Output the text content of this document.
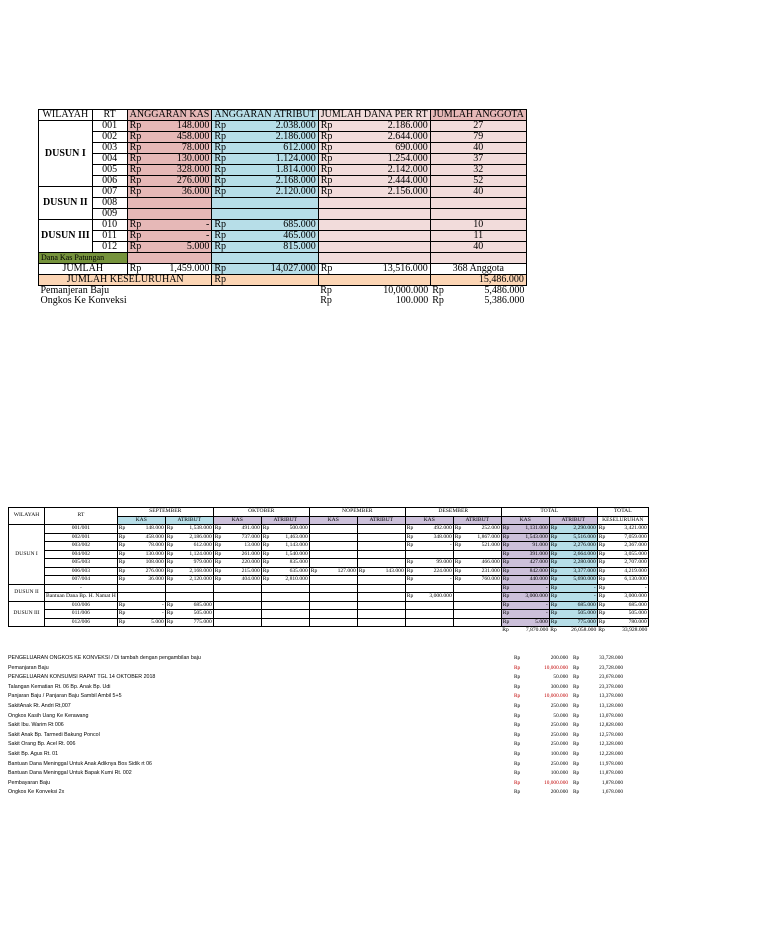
WILAYAH	RT	ANGGARAN KAS	ANGGARAN ATRIBUT	JUMLAH DANA PER RT	JUMLAH ANGGOTA
DUSUN I	001	Rp 148.000	Rp 2.038.000	Rp 2.186.000	27
	002	Rp 458.000	Rp 2.186.000	Rp 2.644.000	79
	003	Rp 78.000	Rp 612.000	Rp 690.000	40
	004	Rp 130.000	Rp 1.124.000	Rp 1.254.000	37
	005	Rp 328.000	Rp 1.814.000	Rp 2.142.000	32
	006	Rp 276.000	Rp 2.168.000	Rp 2.444.000	52
DUSUN II	007	Rp 36.000	Rp 2.120.000	Rp 2.156.000	40
	008				
	009				
DUSUN III	010	Rp -	Rp 685.000		10
	011	Rp -	Rp 465.000		11
	012	Rp 5.000	Rp 815.000		40
Dana Kas Patungan					
JUMLAH		Rp 1,459.000	Rp 14,027.000	Rp 13,516.000	368 Anggota
JUMLAH KESELURUHAN			Rp		15,486.000
Pemanjeran Baju				Rp 10,000.000	Rp 5,486.000

Ongkos Ke Konveksi				Rp 100.000	Rp 5,386.000
WILAYAH	RT	SEPTEMBER		OKTOBER		NOPEMBER		DESEMBER		TOTAL		TOTAL
		KAS	ATRIBUT	KAS	ATRIBUT	KAS	ATRIBUT	KAS	ATRIBUT	KAS	ATRIBUT	KESELURUHAN
DUSUN I	001/001	Rp 148.000	Rp 1,538.000	Rp 491.000	Rp 500.000			Rp 492.000	Rp 252.000	Rp 1,131.000	Rp 2,290.000	Rp 3,421.000

	002/001	Rp 458.000	Rp 2,186.000	Rp 737.000	Rp 1,463.000			Rp 348.000	Rp 1,867.000	Rp 1,543.000	Rp 5,516.000	Rp 7,059.000

	003/002	Rp 78.000	Rp 612.000	Rp 13.000	Rp 1,143.000			Rp -	Rp 521.000	Rp 91.000	Rp 2,276.000	Rp 2,367.000

	004/002	Rp 130.000	Rp 1,124.000	Rp 261.000	Rp 1,540.000					Rp 391.000	Rp 2,664.000	Rp 3,055.000

	005/003	Rp 108.000	Rp 979.000	Rp 220.000	Rp 835.000			Rp 99.000	Rp 466.000	Rp 427.000	Rp 2,280.000	Rp 2,707.000

	006/003	Rp 276.000	Rp 2,168.000	Rp 215.000	Rp 635.000	Rp 127.000	Rp 143.000	Rp 224.000	Rp 231.000	Rp 842.000	Rp 3,377.000	Rp 4,219.000

	007/004	Rp 36.000	Rp 2,120.000	Rp 404.000	Rp 2,810.000			Rp -	Rp 760.000	Rp 440.000	Rp 5,690.000	Rp 6,130.000

DUSUN II	-									Rp -	Rp -	Rp -

	Bantuan Dana Bp. H. Namat H							Rp 3,000.000		Rp 3,000.000	Rp -	Rp 3,000.000

DUSUN III	010/006	Rp -	Rp 685.000							Rp -	Rp 685.000	Rp 685.000

	011/006	Rp -	Rp 505.000							Rp -	Rp 505.000	Rp 505.000

	012/006	Rp 5.000	Rp 775.000							Rp 5.000	Rp 775.000	Rp 780.000

										Rp 7,870.000	Rp 26,058.000	Rp 33,928.000
PENGELUARAN ONGKOS KE KONVEKSI / Di tambah dengan pengambilan baju	Rp	200.000 Rp	33,728.000
Pemanjaran Baju	Rp	10,000.000 Rp	23,728.000
PENGELUARAN KONSUMSI RAPAT TGL 14 OKTOBER 2018	Rp	50.000 Rp	23,678.000
Talangan Kematian Rt. 06 Bp. Anak Bp. Udi	Rp	300.000 Rp	23,378.000
Panjaran Baju / Panjaran Baju Sambil Ambil 5+5	Rp	10,000.000 Rp	13,378.000
SakitAnak Rt. Andri Rt,007	Rp	250.000 Rp	13,128.000
Ongkos Kasih Uang Ke Kerawang	Rp	50.000 Rp	13,078.000
Sakit Ibu. Warim Rt 006	Rp	250.000 Rp	12,828.000
Sakit Anak Bp. Tarmedi Bakung Poncol	Rp	250.000 Rp	12,578.000
Sakit Orang Bp. Acel Rt. 006	Rp	250.000 Rp	12,328.000
Sakit Bp. Agus Rt. 01	Rp	100.000 Rp	12,228.000
Bantuan Dana Meninggal Untuk Anak Adiknya Bos Sidik rt 06	Rp	250.000 Rp	11,978.000
Bantuan Dana Meninggal Untuk Bapak Kumi Rt. 002	Rp	100.000 Rp	11,878.000
Pembayaran Baju	Rp	10,000.000 Rp	1,878.000
Ongkos Ke Konveksi 2x	Rp	200.000 Rp	1,678.000
